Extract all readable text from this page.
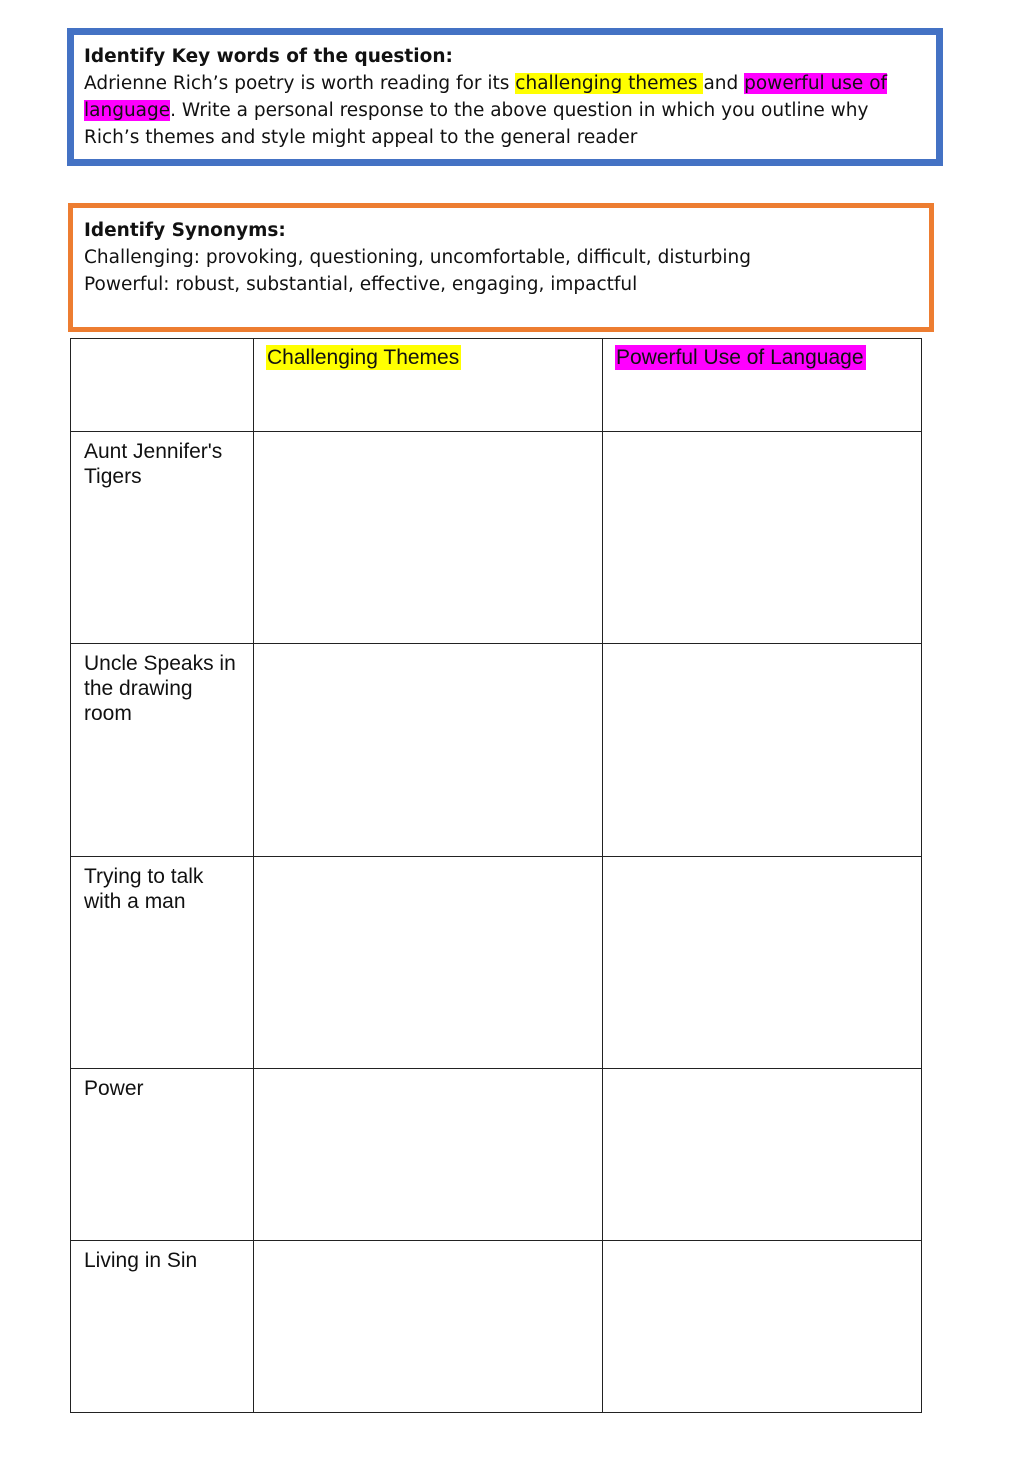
Identify Key words of the question:

Adrienne Rich’s poetry is worth reading for its challenging themes and powerful use of language. Write a personal response to the above question in which you outline why Rich’s themes and style might appeal to the general reader

Identify Synonyms:

Challenging: provoking, questioning, uncomfortable, difficult, disturbing

Powerful: robust, substantial, effective, engaging, impactful

	Challenging Themes	Powerful Use of Language

Aunt Jennifer's Tigers		

Uncle Speaks in the drawing room		

Trying to talk with a man		

Power		

Living in Sin		
